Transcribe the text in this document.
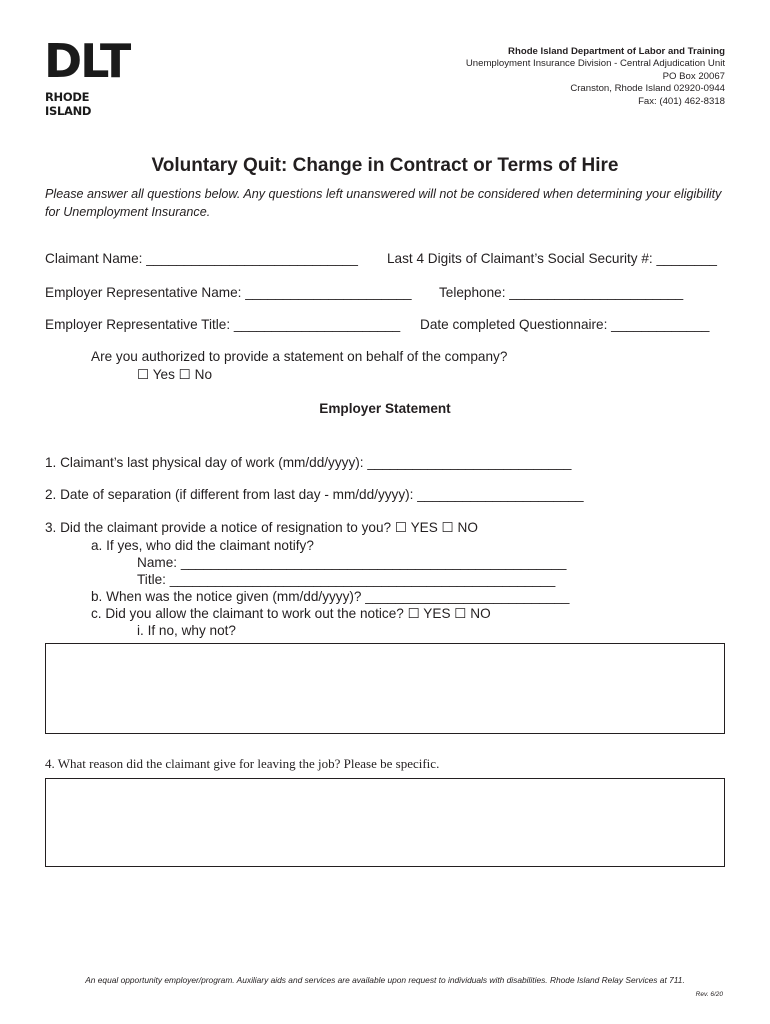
DLT
RHODE ISLAND
Rhode Island Department of Labor and Training
Unemployment Insurance Division - Central Adjudication Unit
PO Box 20067
Cranston, Rhode Island 02920-0944
Fax: (401) 462-8318
Voluntary Quit: Change in Contract or Terms of Hire
Please answer all questions below. Any questions left unanswered will not be considered when determining your eligibility for Unemployment Insurance.
Claimant Name: ____________________________ Last 4 Digits of Claimant’s Social Security #: ________
Employer Representative Name: ______________________ Telephone: _______________________
Employer Representative Title: ______________________ Date completed Questionnaire: _____________
Are you authorized to provide a statement on behalf of the company?
☐ Yes ☐ No
Employer Statement
1. Claimant’s last physical day of work (mm/dd/yyyy): ___________________________
2. Date of separation (if different from last day - mm/dd/yyyy): ______________________
3. Did the claimant provide a notice of resignation to you? ☐ YES ☐ NO
a. If yes, who did the claimant notify?
Name: ___________________________________________________
Title: ___________________________________________________
b. When was the notice given (mm/dd/yyyy)? ___________________________
c. Did you allow the claimant to work out the notice? ☐ YES ☐ NO
i. If no, why not?
4. What reason did the claimant give for leaving the job? Please be specific.
An equal opportunity employer/program. Auxiliary aids and services are available upon request to individuals with disabilities. Rhode Island Relay Services at 711.
Rev. 6/20
